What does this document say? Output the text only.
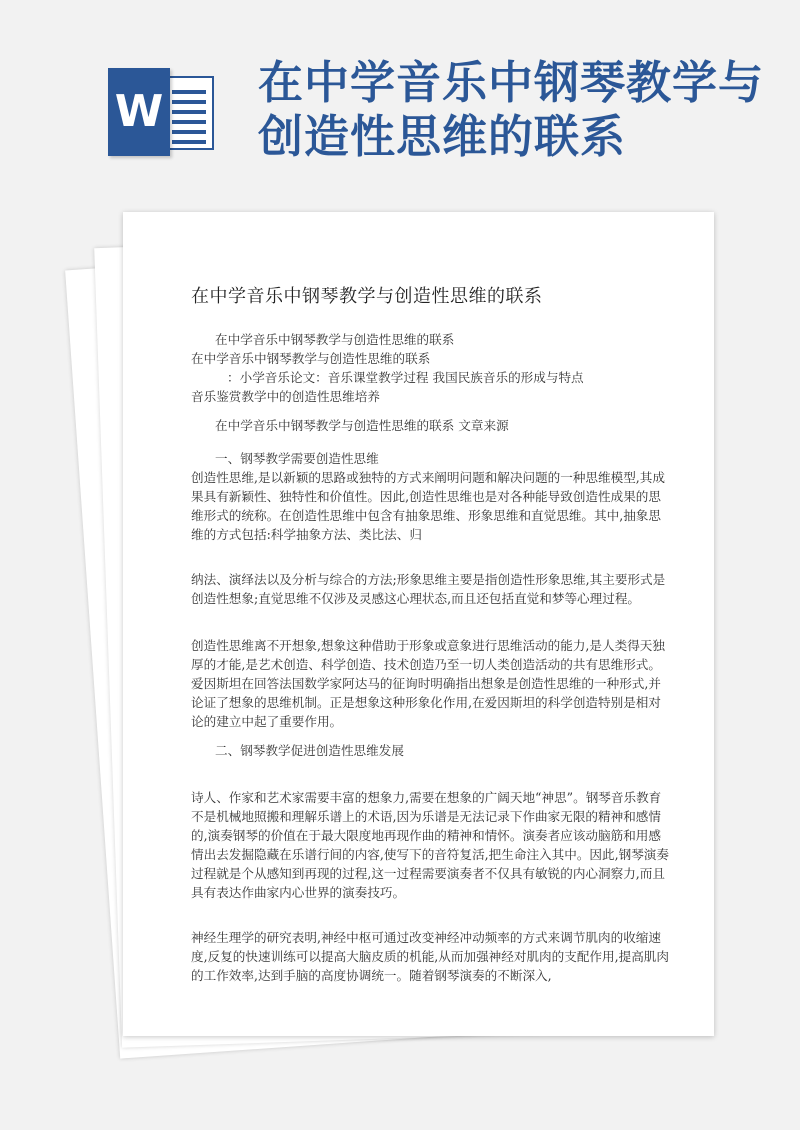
W
在中学音乐中钢琴教学与创造性思维的联系
在中学音乐中钢琴教学与创造性思维的联系

在中学音乐中钢琴教学与创造性思维的联系

在中学音乐中钢琴教学与创造性思维的联系

：小学音乐论文：音乐课堂教学过程 我国民族音乐的形成与特点

音乐鉴赏教学中的创造性思维培养

在中学音乐中钢琴教学与创造性思维的联系 文章来源

一、钢琴教学需要创造性思维

创造性思维,是以新颖的思路或独特的方式来阐明问题和解决问题的一种思维模型,其成果具有新颖性、独特性和价值性。因此,创造性思维也是对各种能导致创造性成果的思维形式的统称。在创造性思维中包含有抽象思维、形象思维和直觉思维。其中,抽象思维的方式包括:科学抽象方法、类比法、归

纳法、演绎法以及分析与综合的方法;形象思维主要是指创造性形象思维,其主要形式是创造性想象;直觉思维不仅涉及灵感这心理状态,而且还包括直觉和梦等心理过程。

创造性思维离不开想象,想象这种借助于形象或意象进行思维活动的能力,是人类得天独厚的才能,是艺术创造、科学创造、技术创造乃至一切人类创造活动的共有思维形式。爱因斯坦在回答法国数学家阿达马的征询时明确指出想象是创造性思维的一种形式,并论证了想象的思维机制。正是想象这种形象化作用,在爱因斯坦的科学创造特别是相对论的建立中起了重要作用。

二、钢琴教学促进创造性思维发展

诗人、作家和艺术家需要丰富的想象力,需要在想象的广阔天地“神思”。钢琴音乐教育不是机械地照搬和理解乐谱上的术语,因为乐谱是无法记录下作曲家无限的精神和感情的,演奏钢琴的价值在于最大限度地再现作曲的精神和情怀。演奏者应该动脑筋和用感情出去发掘隐藏在乐谱行间的内容,使写下的音符复活,把生命注入其中。因此,钢琴演奏过程就是个从感知到再现的过程,这一过程需要演奏者不仅具有敏锐的内心洞察力,而且具有表达作曲家内心世界的演奏技巧。

神经生理学的研究表明,神经中枢可通过改变神经冲动频率的方式来调节肌肉的收缩速度,反复的快速训练可以提高大脑皮质的机能,从而加强神经对肌肉的支配作用,提高肌肉的工作效率,达到手脑的高度协调统一。随着钢琴演奏的不断深入,
